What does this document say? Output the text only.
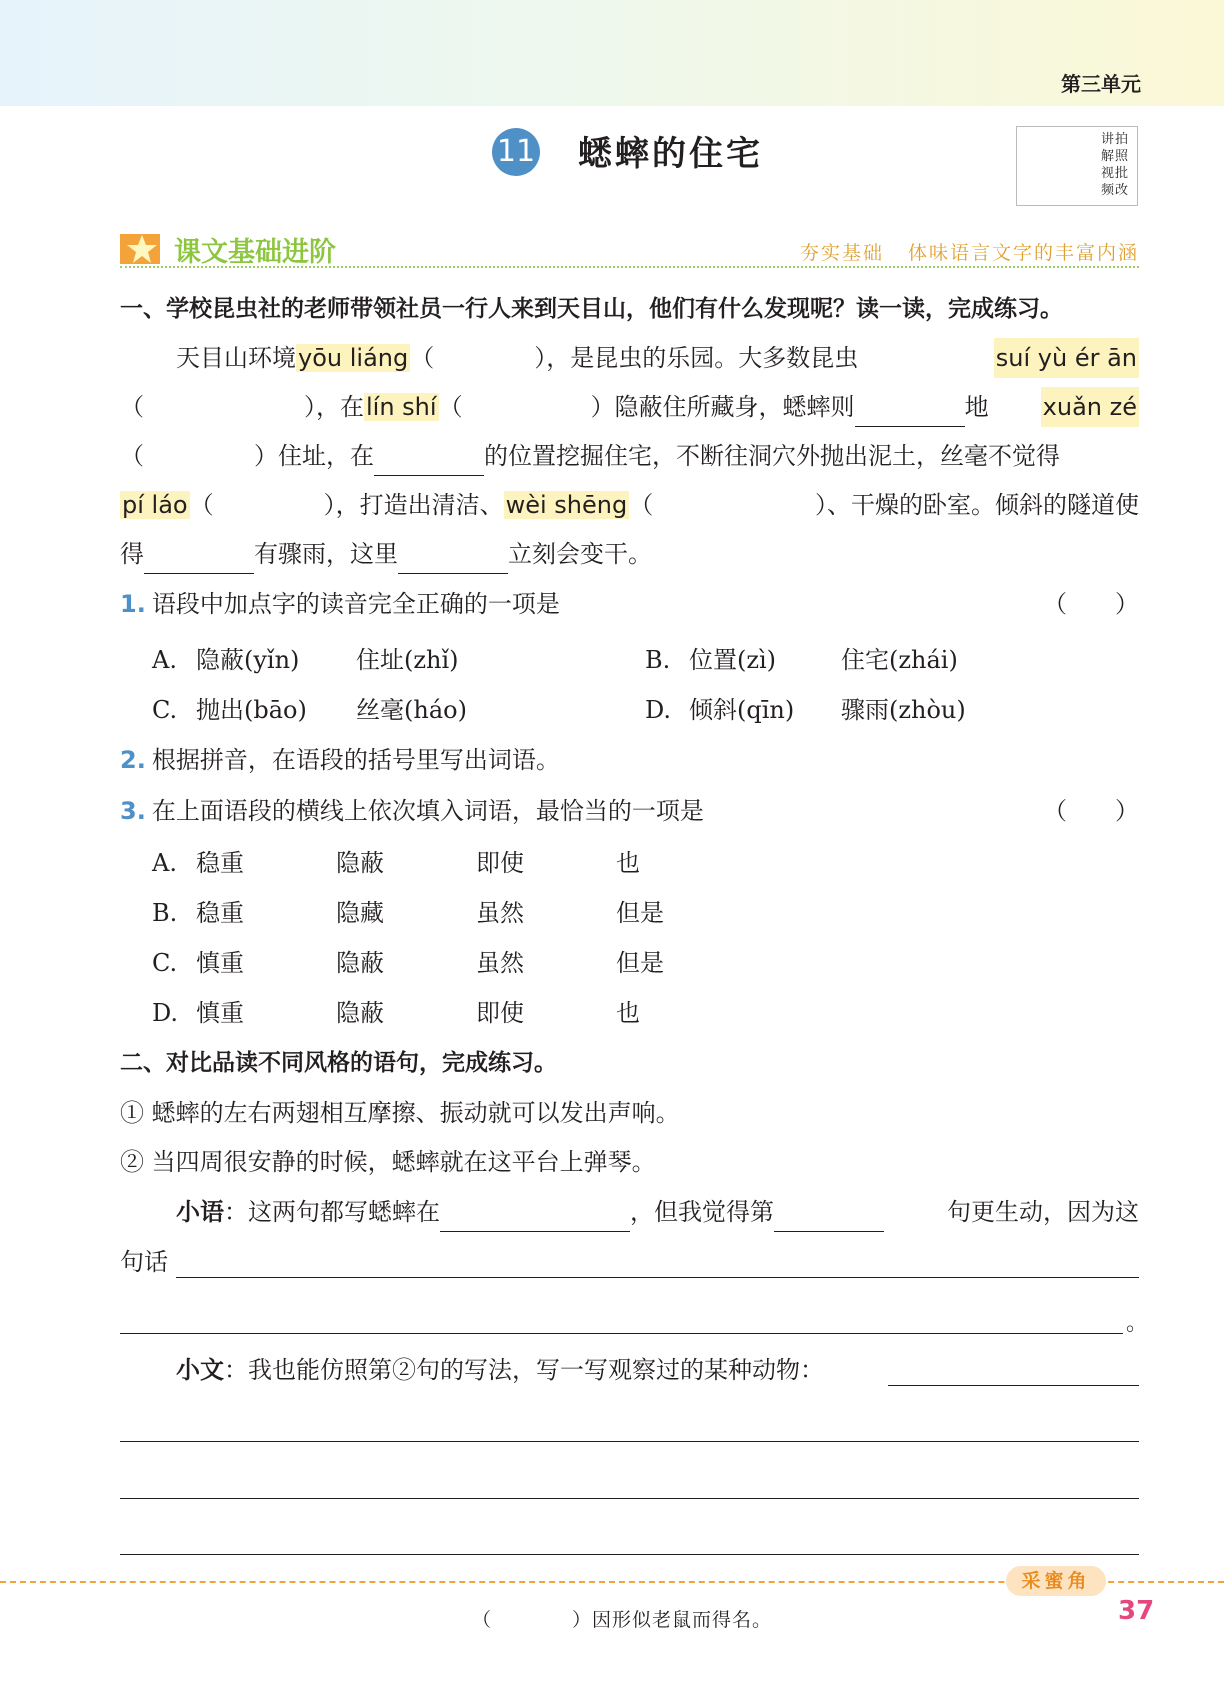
第三单元
11 蟋蟀的住宅	讲拍
解照
视批
频改
课文基础进阶	夯实基础 体味语言文字的丰富内涵
一、学校昆虫社的老师带领社员一行人来到天目山，他们有什么发现呢？读一读，完成练习。
天目山环境yōu liáng（	），是昆虫的乐园。大多数昆虫	suí yù ér ān
（	），在lín shí（	）隐蔽住所藏身，蟋蟀则	地 xuǎn zé
（	）住址，在	的位置挖掘住宅，不断往洞穴外抛出泥土，丝毫不觉得
pí láo（	），打造出清洁、wèi shēng（	）、干燥的卧室。倾斜的隧道使
得	有骤雨，这里	立刻会变干。
1. 语段中加点字的读音完全正确的一项是	（　　）
A. 隐蔽(yǐn) 住址(zhǐ)	B. 位置(zì)	住宅(zhái)
C. 抛出(bāo) 丝毫(háo)	D. 倾斜(qīn) 骤雨(zhòu)
2. 根据拼音，在语段的括号里写出词语。
3. 在上面语段的横线上依次填入词语，最恰当的一项是	（　　）
A. 稳重	隐蔽	即使	也
B. 稳重	隐藏	虽然	但是
C. 慎重	隐蔽	虽然	但是
D. 慎重	隐蔽	即使	也
二、对比品读不同风格的语句，完成练习。
① 蟋蟀的左右两翅相互摩擦、振动就可以发出声响。
② 当四周很安静的时候，蟋蟀就在这平台上弹琴。
小语：这两句都写蟋蟀在	，但我觉得第	句更生动，因为这
句话
。
小文：我也能仿照第②句的写法，写一写观察过的某种动物：
采蜜角
（　　　　）因形似老鼠而得名。	37
